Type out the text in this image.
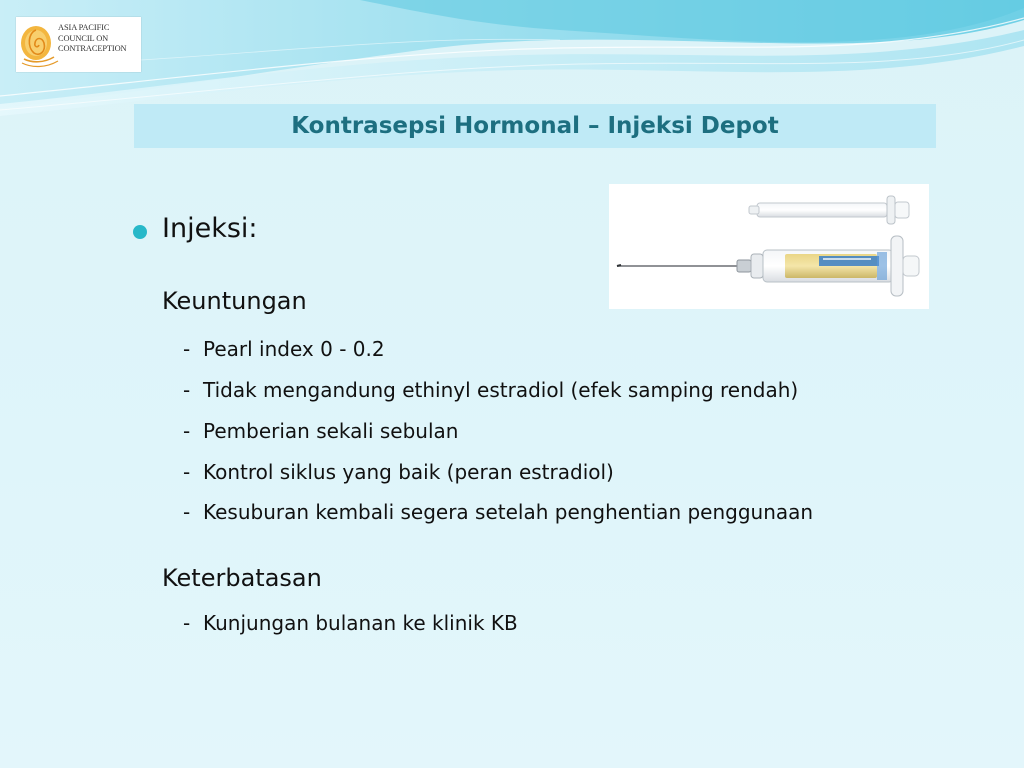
ASIA PACIFIC
COUNCIL ON
CONTRACEPTION
Kontrasepsi Hormonal – Injeksi Depot
Injeksi:
Keuntungan
- Pearl index 0 - 0.2
- Tidak mengandung ethinyl estradiol (efek samping rendah)
- Pemberian sekali sebulan
- Kontrol siklus yang baik (peran estradiol)
- Kesuburan kembali segera setelah penghentian penggunaan
Keterbatasan
- Kunjungan bulanan ke klinik KB
